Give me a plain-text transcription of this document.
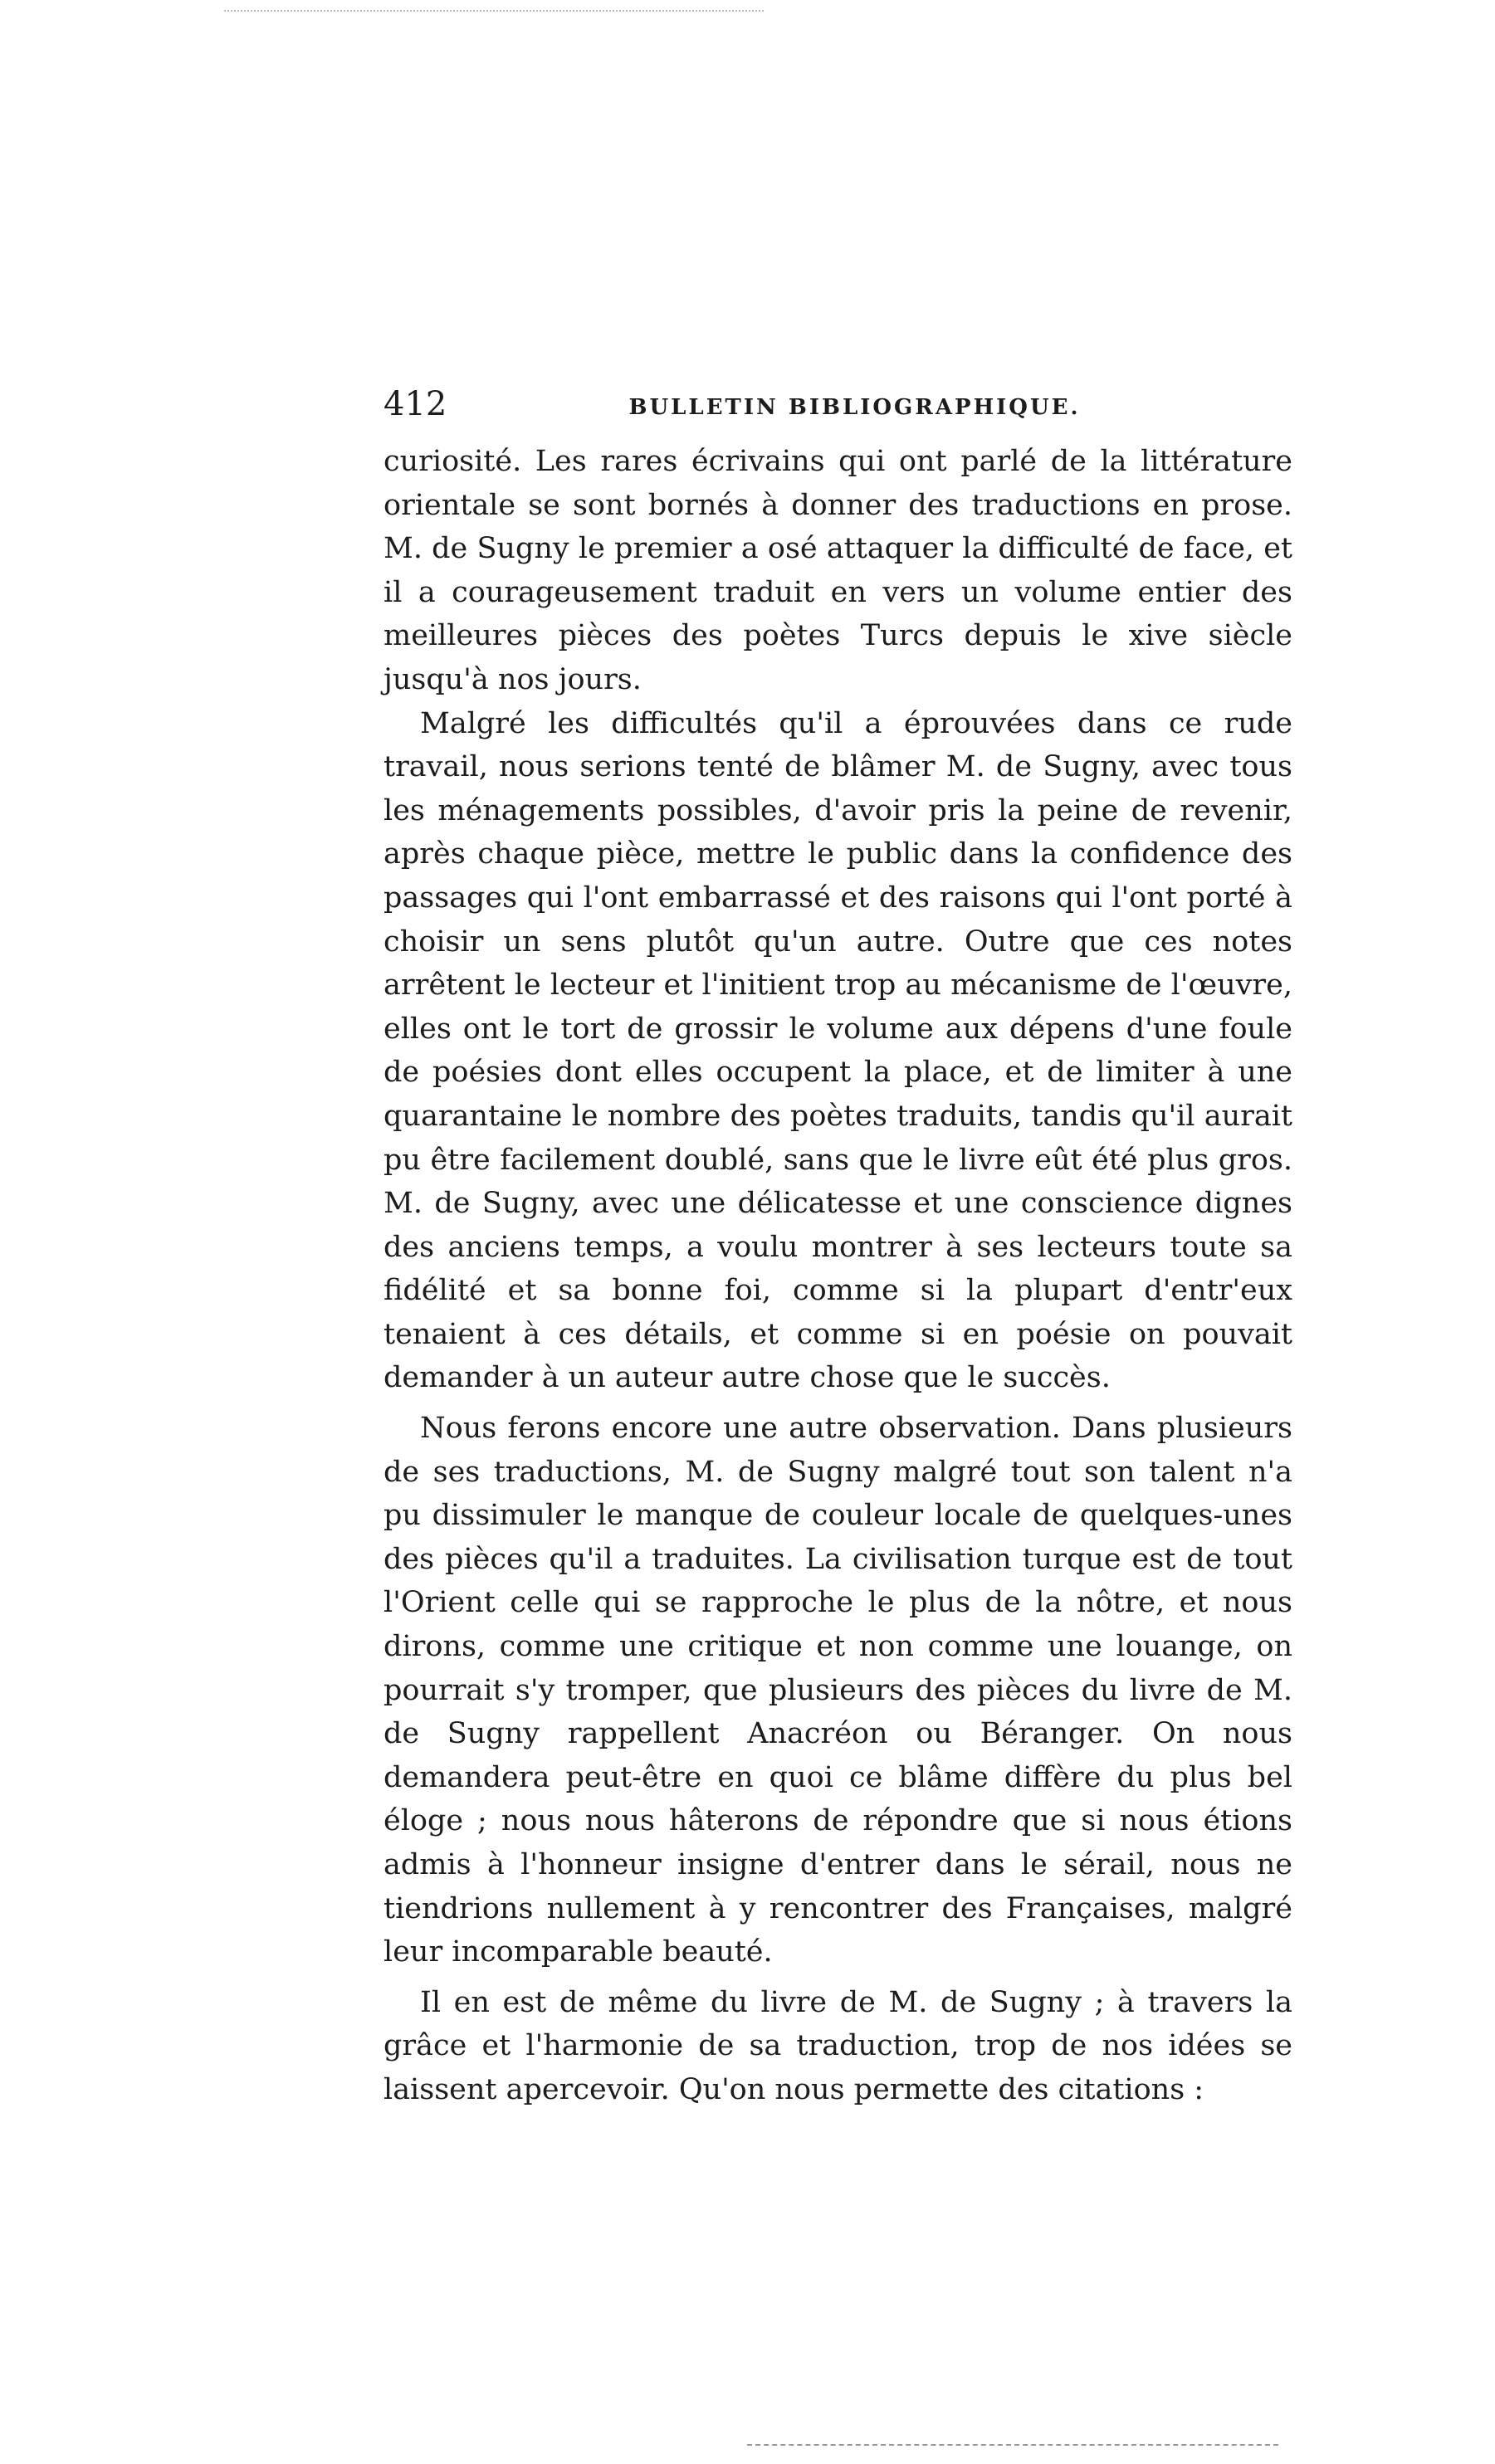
412	BULLETIN BIBLIOGRAPHIQUE.

curiosité. Les rares écrivains qui ont parlé de la littérature orientale se sont bornés à donner des traductions en prose. M. de Sugny le premier a osé attaquer la difficulté de face, et il a courageusement traduit en vers un volume entier des meilleures pièces des poètes Turcs depuis le xive siècle jusqu'à nos jours.

Malgré les difficultés qu'il a éprouvées dans ce rude travail, nous serions tenté de blâmer M. de Sugny, avec tous les ménagements possibles, d'avoir pris la peine de revenir, après chaque pièce, mettre le public dans la confidence des passages qui l'ont embarrassé et des raisons qui l'ont porté à choisir un sens plutôt qu'un autre. Outre que ces notes arrêtent le lecteur et l'initient trop au mécanisme de l'œuvre, elles ont le tort de grossir le volume aux dépens d'une foule de poésies dont elles occupent la place, et de limiter à une quarantaine le nombre des poètes traduits, tandis qu'il aurait pu être facilement doublé, sans que le livre eût été plus gros. M. de Sugny, avec une délicatesse et une conscience dignes des anciens temps, a voulu montrer à ses lecteurs toute sa fidélité et sa bonne foi, comme si la plupart d'entr'eux tenaient à ces détails, et comme si en poésie on pouvait demander à un auteur autre chose que le succès.

Nous ferons encore une autre observation. Dans plusieurs de ses traductions, M. de Sugny malgré tout son talent n'a pu dissimuler le manque de couleur locale de quelques-unes des pièces qu'il a traduites. La civilisation turque est de tout l'Orient celle qui se rapproche le plus de la nôtre, et nous dirons, comme une critique et non comme une louange, on pourrait s'y tromper, que plusieurs des pièces du livre de M. de Sugny rappellent Anacréon ou Béranger. On nous demandera peut-être en quoi ce blâme diffère du plus bel éloge ; nous nous hâterons de répondre que si nous étions admis à l'honneur insigne d'entrer dans le sérail, nous ne tiendrions nullement à y rencontrer des Françaises, malgré leur incomparable beauté.

Il en est de même du livre de M. de Sugny ; à travers la grâce et l'harmonie de sa traduction, trop de nos idées se laissent apercevoir. Qu'on nous permette des citations :
